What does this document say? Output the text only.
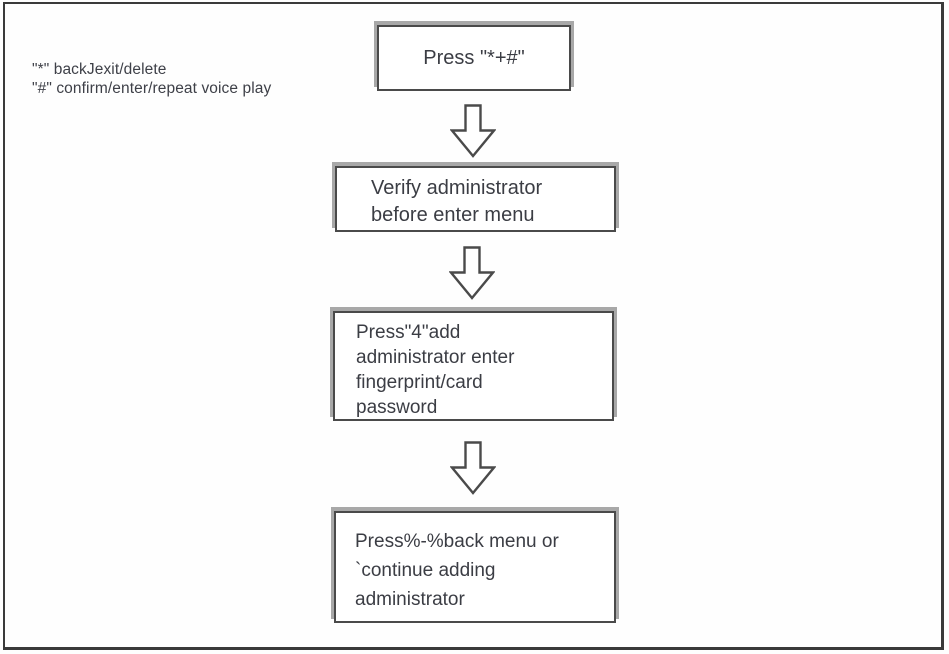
"*" backJexit/delete
"#" confirm/enter/repeat voice play
Press "*+#"
Verify administrator
before enter menu
Press"4"add
administrator enter
fingerprint/card
password
Press%-%back menu or
`continue adding
administrator
